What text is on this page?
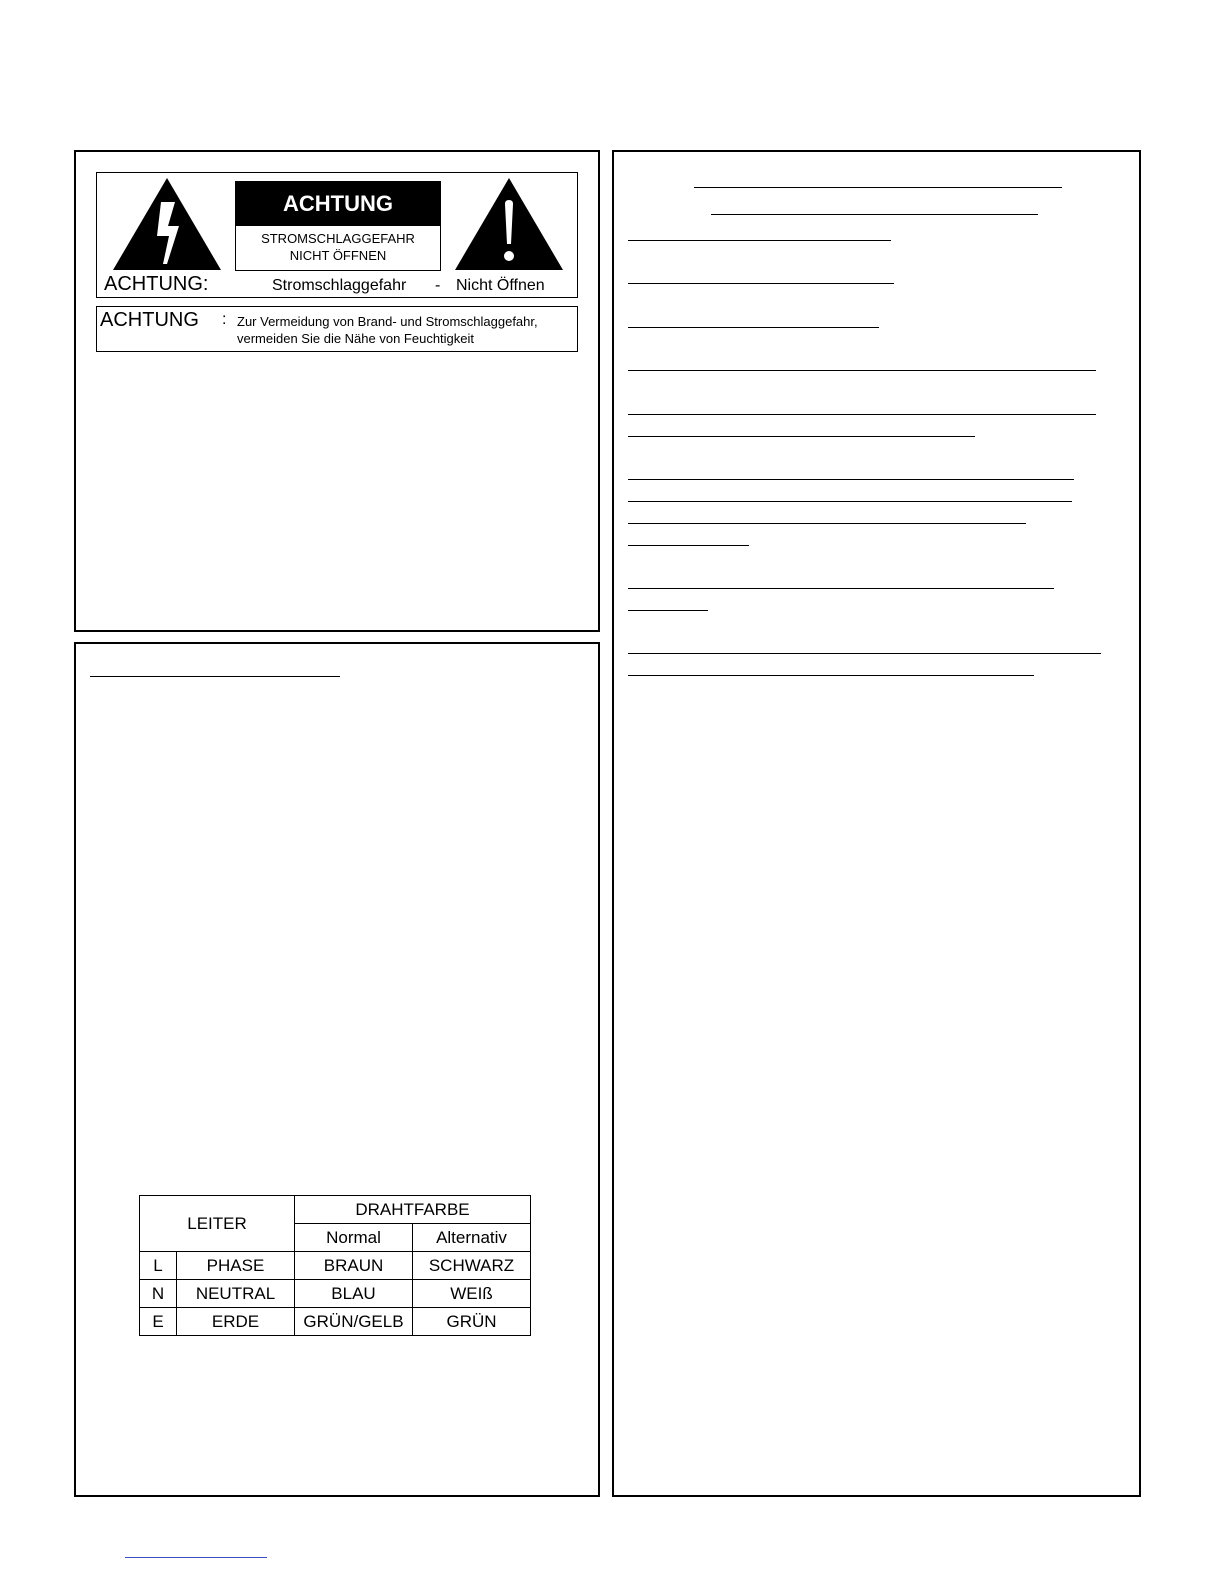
ACHTUNG
STROMSCHLAGGEFAHR
NICHT ÖFFNEN
ACHTUNG:	Stromschlaggefahr - Nicht Öffnen
ACHTUNG : Zur Vermeidung von Brand- und Stromschlaggefahr,
vermeiden Sie die Nähe von Feuchtigkeit
LEITER		DRAHTFARBE	
		Normal	Alternativ
L	PHASE	BRAUN	SCHWARZ
N	NEUTRAL	BLAU	WEIß
E	ERDE	GRÜN/GELB	GRÜN
